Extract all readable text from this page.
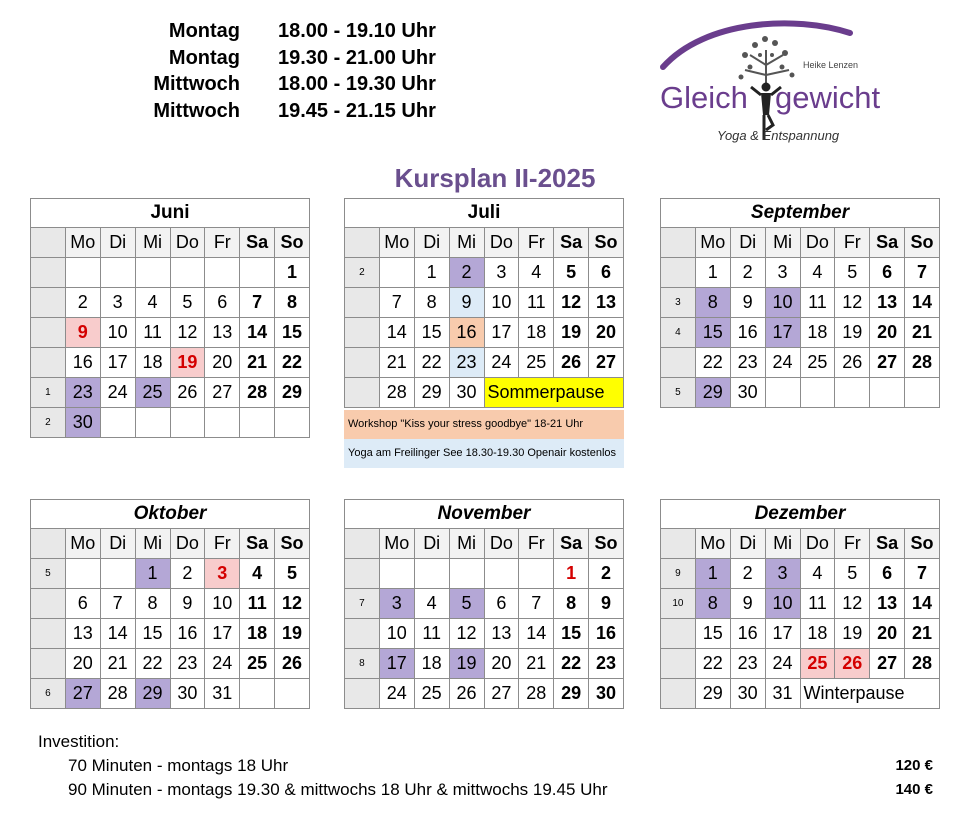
Montag 18.00 - 19.10 Uhr
Montag 19.30 - 21.00 Uhr
Mittwoch 18.00 - 19.30 Uhr
Mittwoch 19.45 - 21.15 Uhr
Heike Lenzen
Gleich gewicht
Yoga & Entspannung
Kursplan II-2025
Juni							
	Mo	Di	Mi	Do	Fr	Sa	So
							1
	2	3	4	5	6	7	8
	9	10	11	12	13	14	15
	16	17	18	19	20	21	22
1	23	24	25	26	27	28	29
2	30						
Juli							
	Mo	Di	Mi	Do	Fr	Sa	So
2		1	2	3	4	5	6
	7	8	9	10	11	12	13
	14	15	16	17	18	19	20
	21	22	23	24	25	26	27
	28	29	30	Sommerpause			
Workshop "Kiss your stress goodbye" 18-21 Uhr
Yoga am Freilinger See 18.30-19.30 Openair kostenlos
September							
	Mo	Di	Mi	Do	Fr	Sa	So
	1	2	3	4	5	6	7
3	8	9	10	11	12	13	14
4	15	16	17	18	19	20	21
	22	23	24	25	26	27	28
5	29	30					
Oktober							
	Mo	Di	Mi	Do	Fr	Sa	So
5			1	2	3	4	5
	6	7	8	9	10	11	12
	13	14	15	16	17	18	19
	20	21	22	23	24	25	26
6	27	28	29	30	31		
November							
	Mo	Di	Mi	Do	Fr	Sa	So
						1	2
7	3	4	5	6	7	8	9
	10	11	12	13	14	15	16
8	17	18	19	20	21	22	23
	24	25	26	27	28	29	30
Dezember							
	Mo	Di	Mi	Do	Fr	Sa	So
9	1	2	3	4	5	6	7
10	8	9	10	11	12	13	14
	15	16	17	18	19	20	21
	22	23	24	25	26	27	28
	29	30	31	Winterpause			
Investition:
70 Minuten - montags 18 Uhr	120 €
90 Minuten - montags 19.30 & mittwochs 18 Uhr & mittwochs 19.45 Uhr	140 €
